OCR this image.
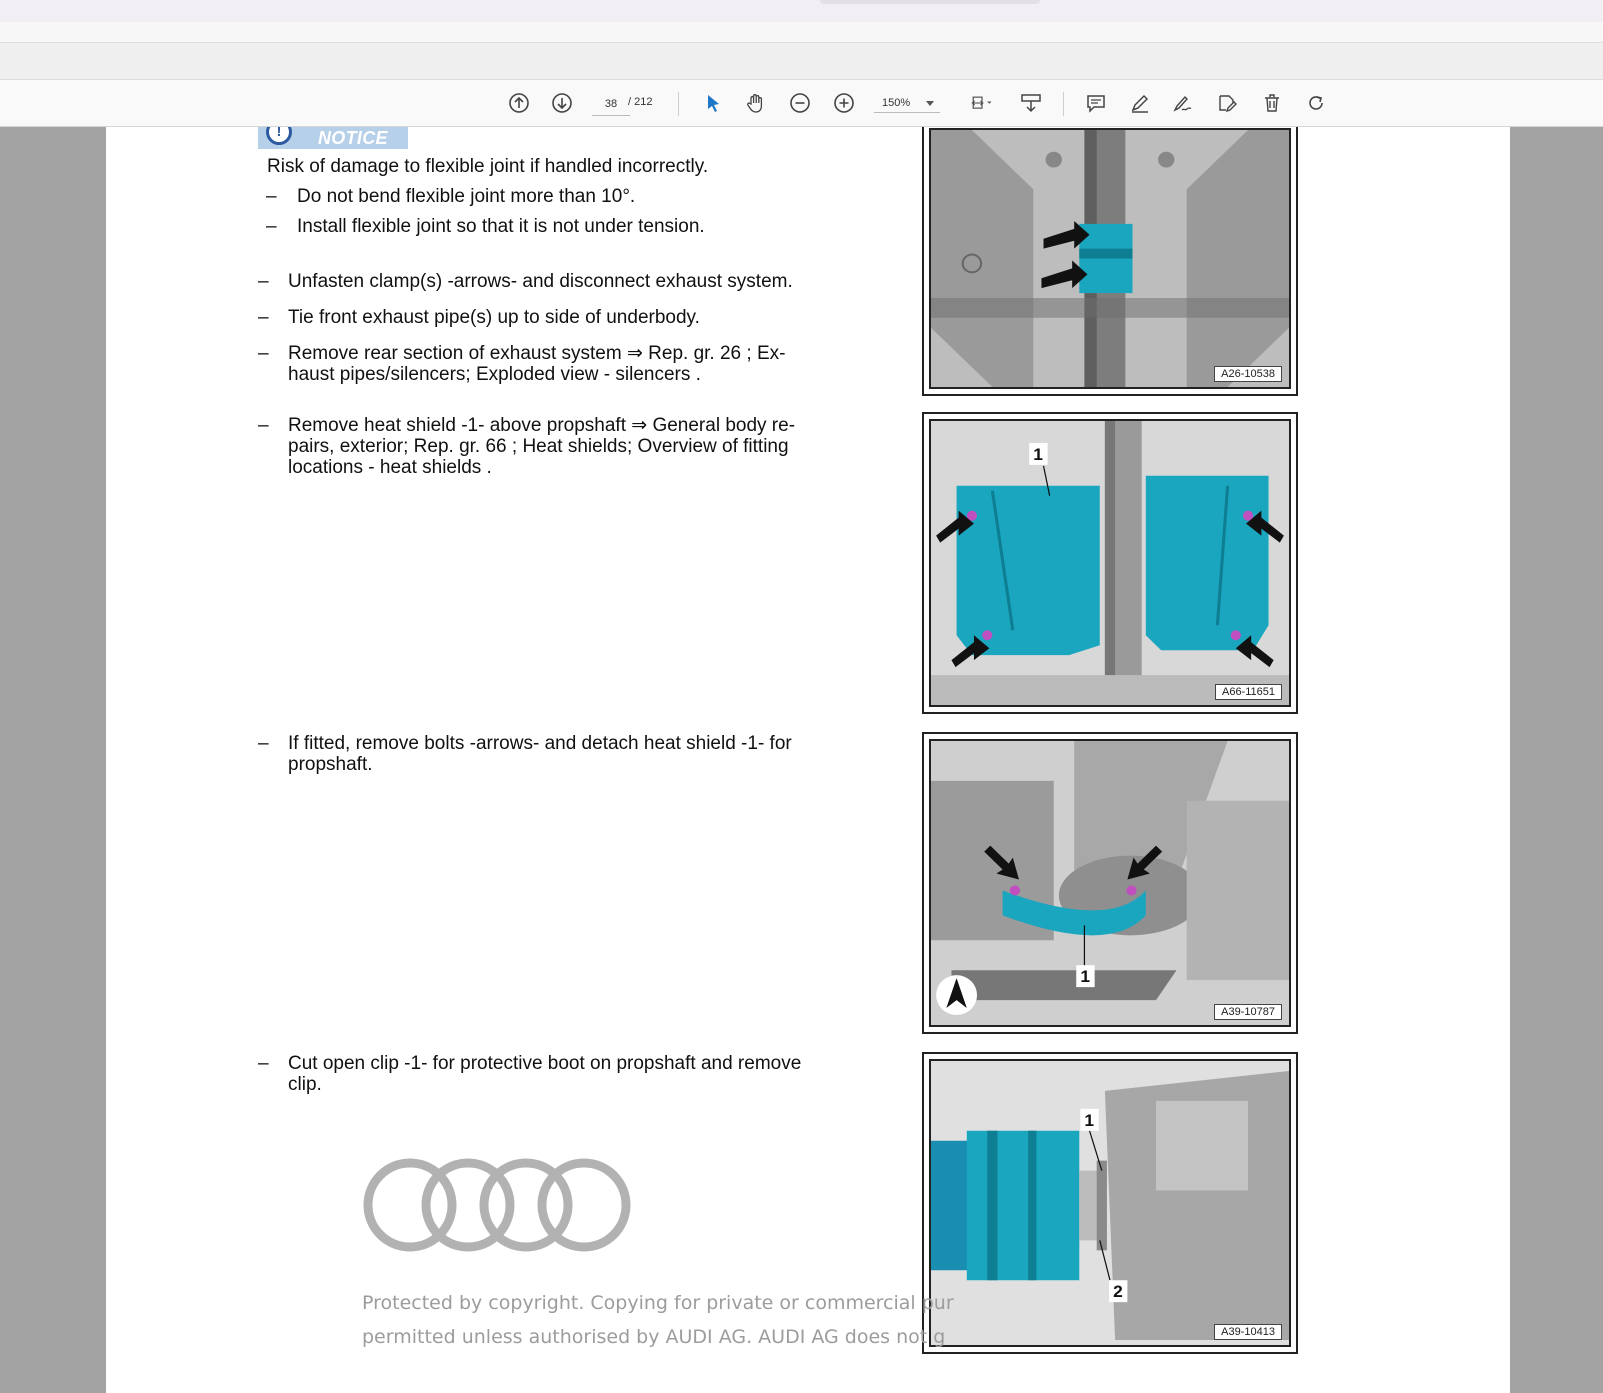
38
/ 212	150%
!
NOTICE
Risk of damage to flexible joint if handled incorrectly.
– Do not bend flexible joint more than 10°.
– Install flexible joint so that it is not under tension.
– Unfasten clamp(s) -arrows- and disconnect exhaust system.
– Tie front exhaust pipe(s) up to side of underbody.
– Remove rear section of exhaust system ⇒ Rep. gr. 26 ; Ex-
haust pipes/silencers; Exploded view - silencers .
– Remove heat shield -1- above propshaft ⇒ General body re-
pairs, exterior; Rep. gr. 66 ; Heat shields; Overview of fitting
locations - heat shields .
– If fitted, remove bolts -arrows- and detach heat shield -1- for
propshaft.
– Cut open clip -1- for protective boot on propshaft and remove
clip.
A26-10538
1
A66-11651
1
A39-10787
1
2
A39-10413
Protected by copyright. Copying for private or commercial pur
permitted unless authorised by AUDI AG. AUDI AG does not g
